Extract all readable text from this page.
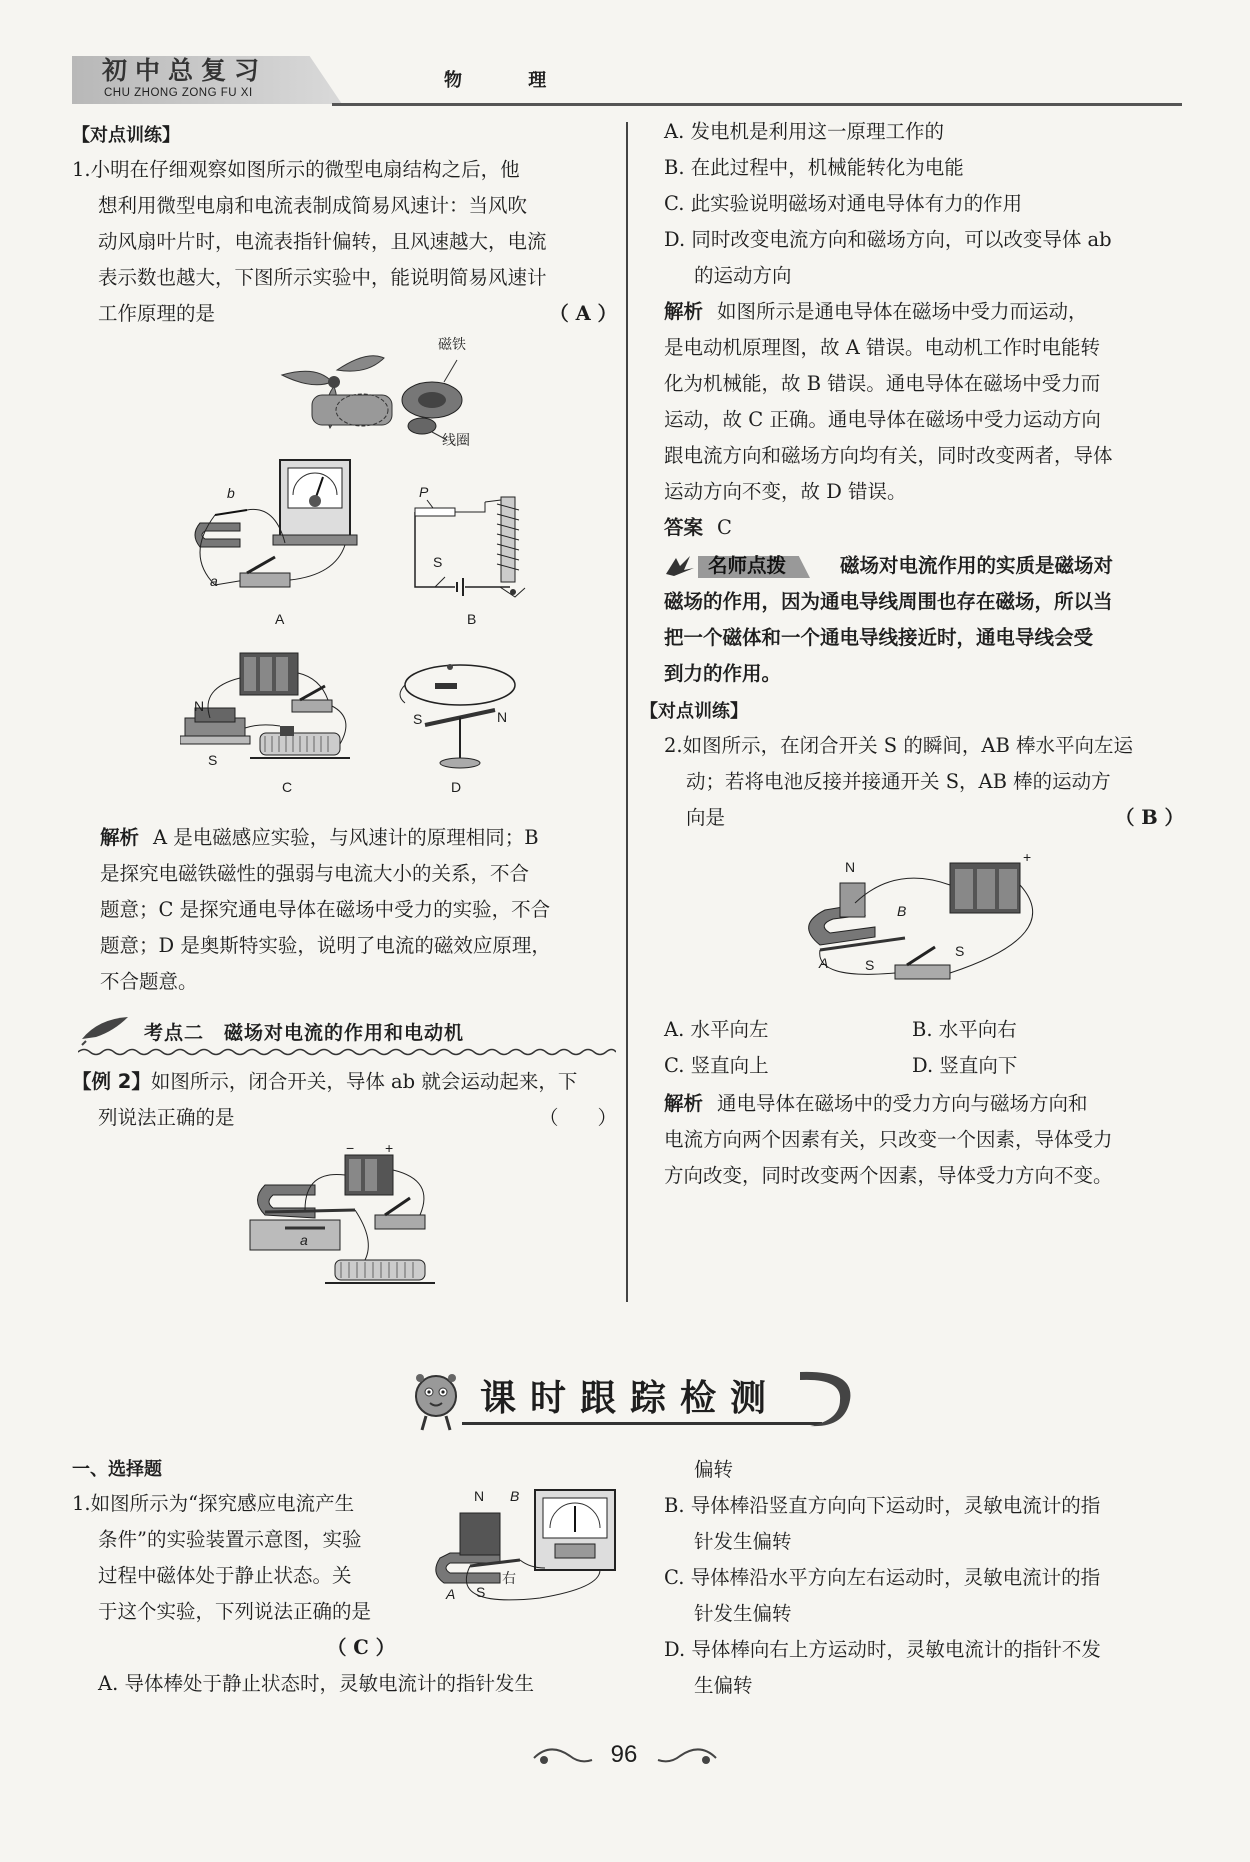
初中总复习
CHU ZHONG ZONG FU XI
物 理
【对点训练】
1.小明在仔细观察如图所示的微型电扇结构之后，他
想利用微型电扇和电流表制成简易风速计：当风吹
动风扇叶片时，电流表指针偏转，且风速越大，电流
表示数也越大，下图所示实验中，能说明简易风速计
工作原理的是	（ A ）
磁铁
线圈
b
a
A
P
S
B
N
S
C
S	N
D
解析 A 是电磁感应实验，与风速计的原理相同；B
是探究电磁铁磁性的强弱与电流大小的关系，不合
题意；C 是探究通电导体在磁场中受力的实验，不合
题意；D 是奥斯特实验，说明了电流的磁效应原理，
不合题意。
考点二　磁场对电流的作用和电动机
【例 2】如图所示，闭合开关，导体 ab 就会运动起来，下
列说法正确的是	（　　）
− +
a
A. 发电机是利用这一原理工作的
B. 在此过程中，机械能转化为电能
C. 此实验说明磁场对通电导体有力的作用
D. 同时改变电流方向和磁场方向，可以改变导体 ab
的运动方向
解析 如图所示是通电导体在磁场中受力而运动，
是电动机原理图，故 A 错误。电动机工作时电能转
化为机械能，故 B 错误。通电导体在磁场中受力而
运动，故 C 正确。通电导体在磁场中受力运动方向
跟电流方向和磁场方向均有关，同时改变两者，导体
运动方向不变，故 D 错误。
答案 C
名师点拨	磁场对电流作用的实质是磁场对
磁场的作用，因为通电导线周围也存在磁场，所以当
把一个磁体和一个通电导线接近时，通电导线会受
到力的作用。
【对点训练】
2.如图所示，在闭合开关 S 的瞬间，AB 棒水平向左运
动；若将电池反接并接通开关 S，AB 棒的运动方
向是	（ B ）
N
B
A	S
S
+
A. 水平向左	B. 水平向右
C. 竖直向上	D. 竖直向下
解析 通电导体在磁场中的受力方向与磁场方向和
电流方向两个因素有关，只改变一个因素，导体受力
方向改变，同时改变两个因素，导体受力方向不变。
课时跟踪检测
一、选择题
1.如图所示为“探究感应电流产生
条件”的实验装置示意图，实验
过程中磁体处于静止状态。关
于这个实验，下列说法正确的是
（ C ）
A. 导体棒处于静止状态时，灵敏电流计的指针发生
N B
A S
右
偏转
B. 导体棒沿竖直方向向下运动时，灵敏电流计的指
针发生偏转
C. 导体棒沿水平方向左右运动时，灵敏电流计的指
针发生偏转
D. 导体棒向右上方运动时，灵敏电流计的指针不发
生偏转
96
